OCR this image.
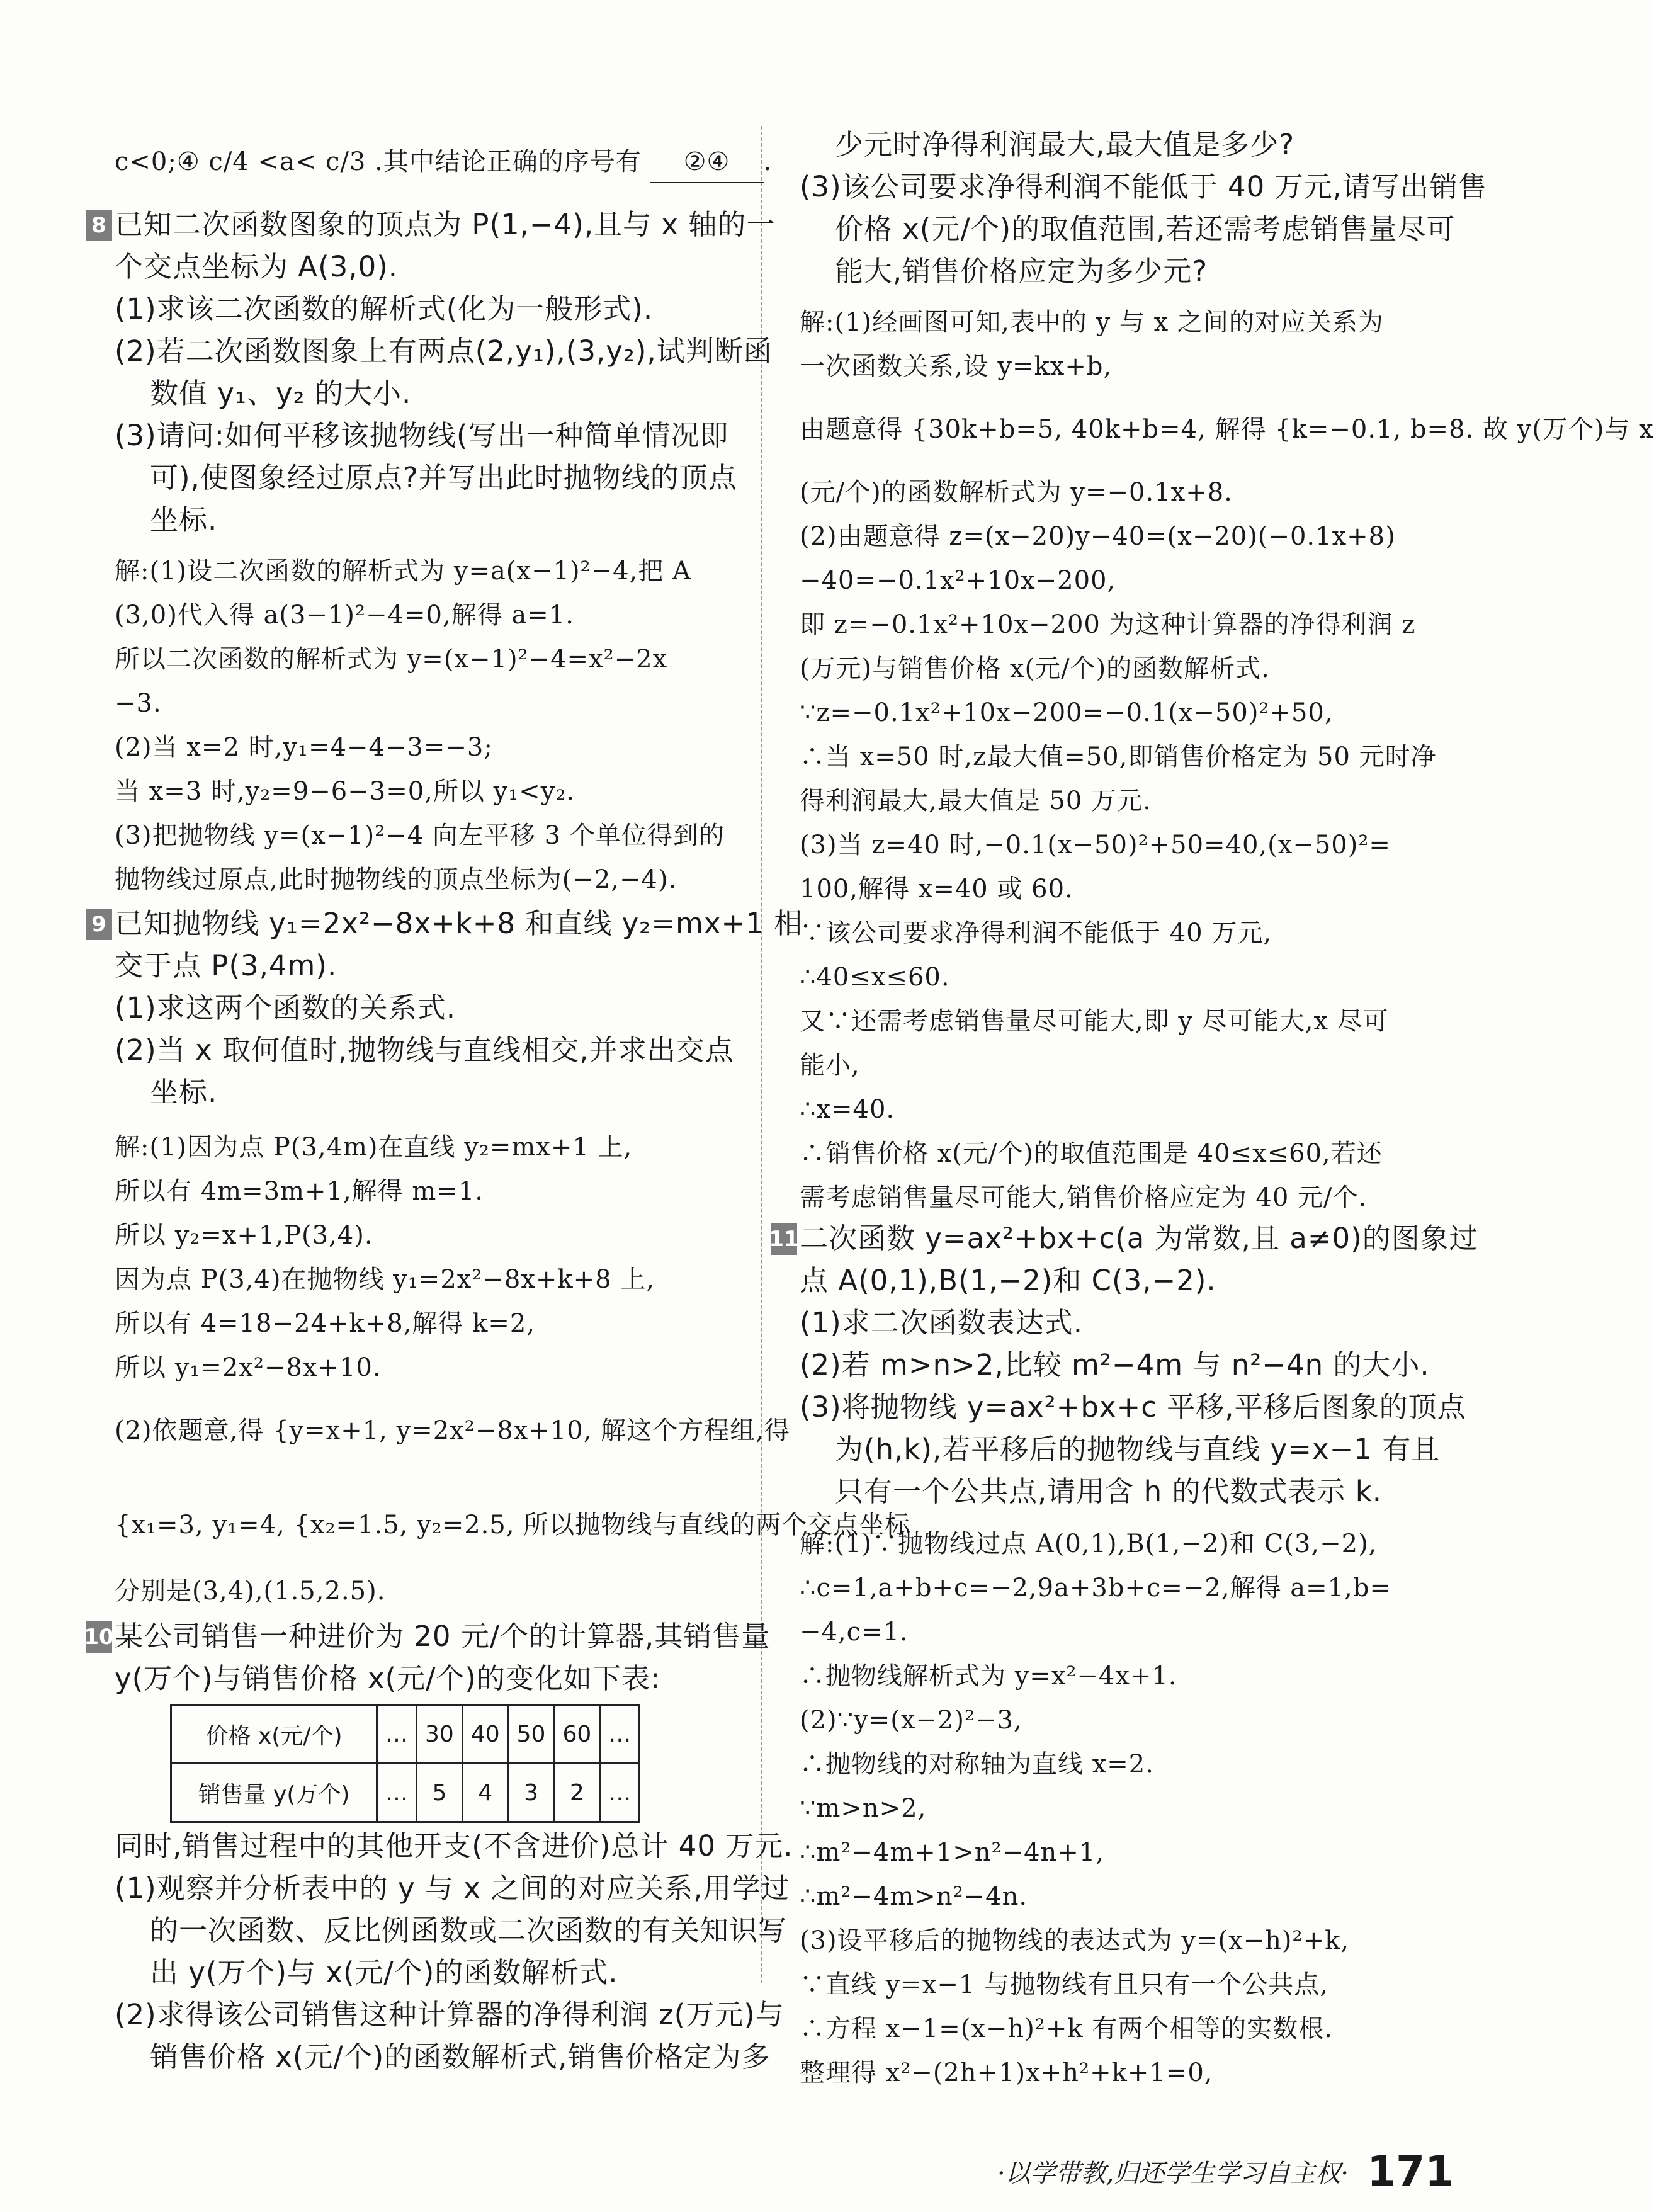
c<0;④ c/4 <a< c/3 .其中结论正确的序号有 ②④ .
8 已知二次函数图象的顶点为 P(1,−4),且与 x 轴的一
个交点坐标为 A(3,0).
(1)求该二次函数的解析式(化为一般形式).
(2)若二次函数图象上有两点(2,y₁),(3,y₂),试判断函
数值 y₁、y₂ 的大小.
(3)请问:如何平移该抛物线(写出一种简单情况即
可),使图象经过原点?并写出此时抛物线的顶点
坐标.
解:(1)设二次函数的解析式为 y=a(x−1)²−4,把 A
(3,0)代入得 a(3−1)²−4=0,解得 a=1.
所以二次函数的解析式为 y=(x−1)²−4=x²−2x
−3.
(2)当 x=2 时,y₁=4−4−3=−3;
当 x=3 时,y₂=9−6−3=0,所以 y₁<y₂.
(3)把抛物线 y=(x−1)²−4 向左平移 3 个单位得到的
抛物线过原点,此时抛物线的顶点坐标为(−2,−4).
9 已知抛物线 y₁=2x²−8x+k+8 和直线 y₂=mx+1 相
交于点 P(3,4m).
(1)求这两个函数的关系式.
(2)当 x 取何值时,抛物线与直线相交,并求出交点
坐标.
解:(1)因为点 P(3,4m)在直线 y₂=mx+1 上,
所以有 4m=3m+1,解得 m=1.
所以 y₂=x+1,P(3,4).
因为点 P(3,4)在抛物线 y₁=2x²−8x+k+8 上,
所以有 4=18−24+k+8,解得 k=2,
所以 y₁=2x²−8x+10.
(2)依题意,得 {y=x+1, y=2x²−8x+10, 解这个方程组,得
{x₁=3, y₁=4, {x₂=1.5, y₂=2.5, 所以抛物线与直线的两个交点坐标
分别是(3,4),(1.5,2.5).
10 某公司销售一种进价为 20 元/个的计算器,其销售量
y(万个)与销售价格 x(元/个)的变化如下表:
价格 x(元/个)	…	30	40	50	60	…
销售量 y(万个)	…	5	4	3	2	…
同时,销售过程中的其他开支(不含进价)总计 40 万元.
(1)观察并分析表中的 y 与 x 之间的对应关系,用学过
的一次函数、反比例函数或二次函数的有关知识写
出 y(万个)与 x(元/个)的函数解析式.
(2)求得该公司销售这种计算器的净得利润 z(万元)与
销售价格 x(元/个)的函数解析式,销售价格定为多
少元时净得利润最大,最大值是多少?
(3)该公司要求净得利润不能低于 40 万元,请写出销售
价格 x(元/个)的取值范围,若还需考虑销售量尽可
能大,销售价格应定为多少元?
解:(1)经画图可知,表中的 y 与 x 之间的对应关系为
一次函数关系,设 y=kx+b,
由题意得 {30k+b=5, 40k+b=4, 解得 {k=−0.1, b=8. 故 y(万个)与 x
(元/个)的函数解析式为 y=−0.1x+8.
(2)由题意得 z=(x−20)y−40=(x−20)(−0.1x+8)
−40=−0.1x²+10x−200,
即 z=−0.1x²+10x−200 为这种计算器的净得利润 z
(万元)与销售价格 x(元/个)的函数解析式.
∵z=−0.1x²+10x−200=−0.1(x−50)²+50,
∴当 x=50 时,z最大值=50,即销售价格定为 50 元时净
得利润最大,最大值是 50 万元.
(3)当 z=40 时,−0.1(x−50)²+50=40,(x−50)²=
100,解得 x=40 或 60.
∵该公司要求净得利润不能低于 40 万元,
∴40≤x≤60.
又∵还需考虑销售量尽可能大,即 y 尽可能大,x 尽可
能小,
∴x=40.
∴销售价格 x(元/个)的取值范围是 40≤x≤60,若还
需考虑销售量尽可能大,销售价格应定为 40 元/个.
11 二次函数 y=ax²+bx+c(a 为常数,且 a≠0)的图象过
点 A(0,1),B(1,−2)和 C(3,−2).
(1)求二次函数表达式.
(2)若 m>n>2,比较 m²−4m 与 n²−4n 的大小.
(3)将抛物线 y=ax²+bx+c 平移,平移后图象的顶点
为(h,k),若平移后的抛物线与直线 y=x−1 有且
只有一个公共点,请用含 h 的代数式表示 k.
解:(1)∵抛物线过点 A(0,1),B(1,−2)和 C(3,−2),
∴c=1,a+b+c=−2,9a+3b+c=−2,解得 a=1,b=
−4,c=1.
∴抛物线解析式为 y=x²−4x+1.
(2)∵y=(x−2)²−3,
∴抛物线的对称轴为直线 x=2.
∵m>n>2,
∴m²−4m+1>n²−4n+1,
∴m²−4m>n²−4n.
(3)设平移后的抛物线的表达式为 y=(x−h)²+k,
∵直线 y=x−1 与抛物线有且只有一个公共点,
∴方程 x−1=(x−h)²+k 有两个相等的实数根.
整理得 x²−(2h+1)x+h²+k+1=0,
·以学带教,归还学生学习自主权· 171
